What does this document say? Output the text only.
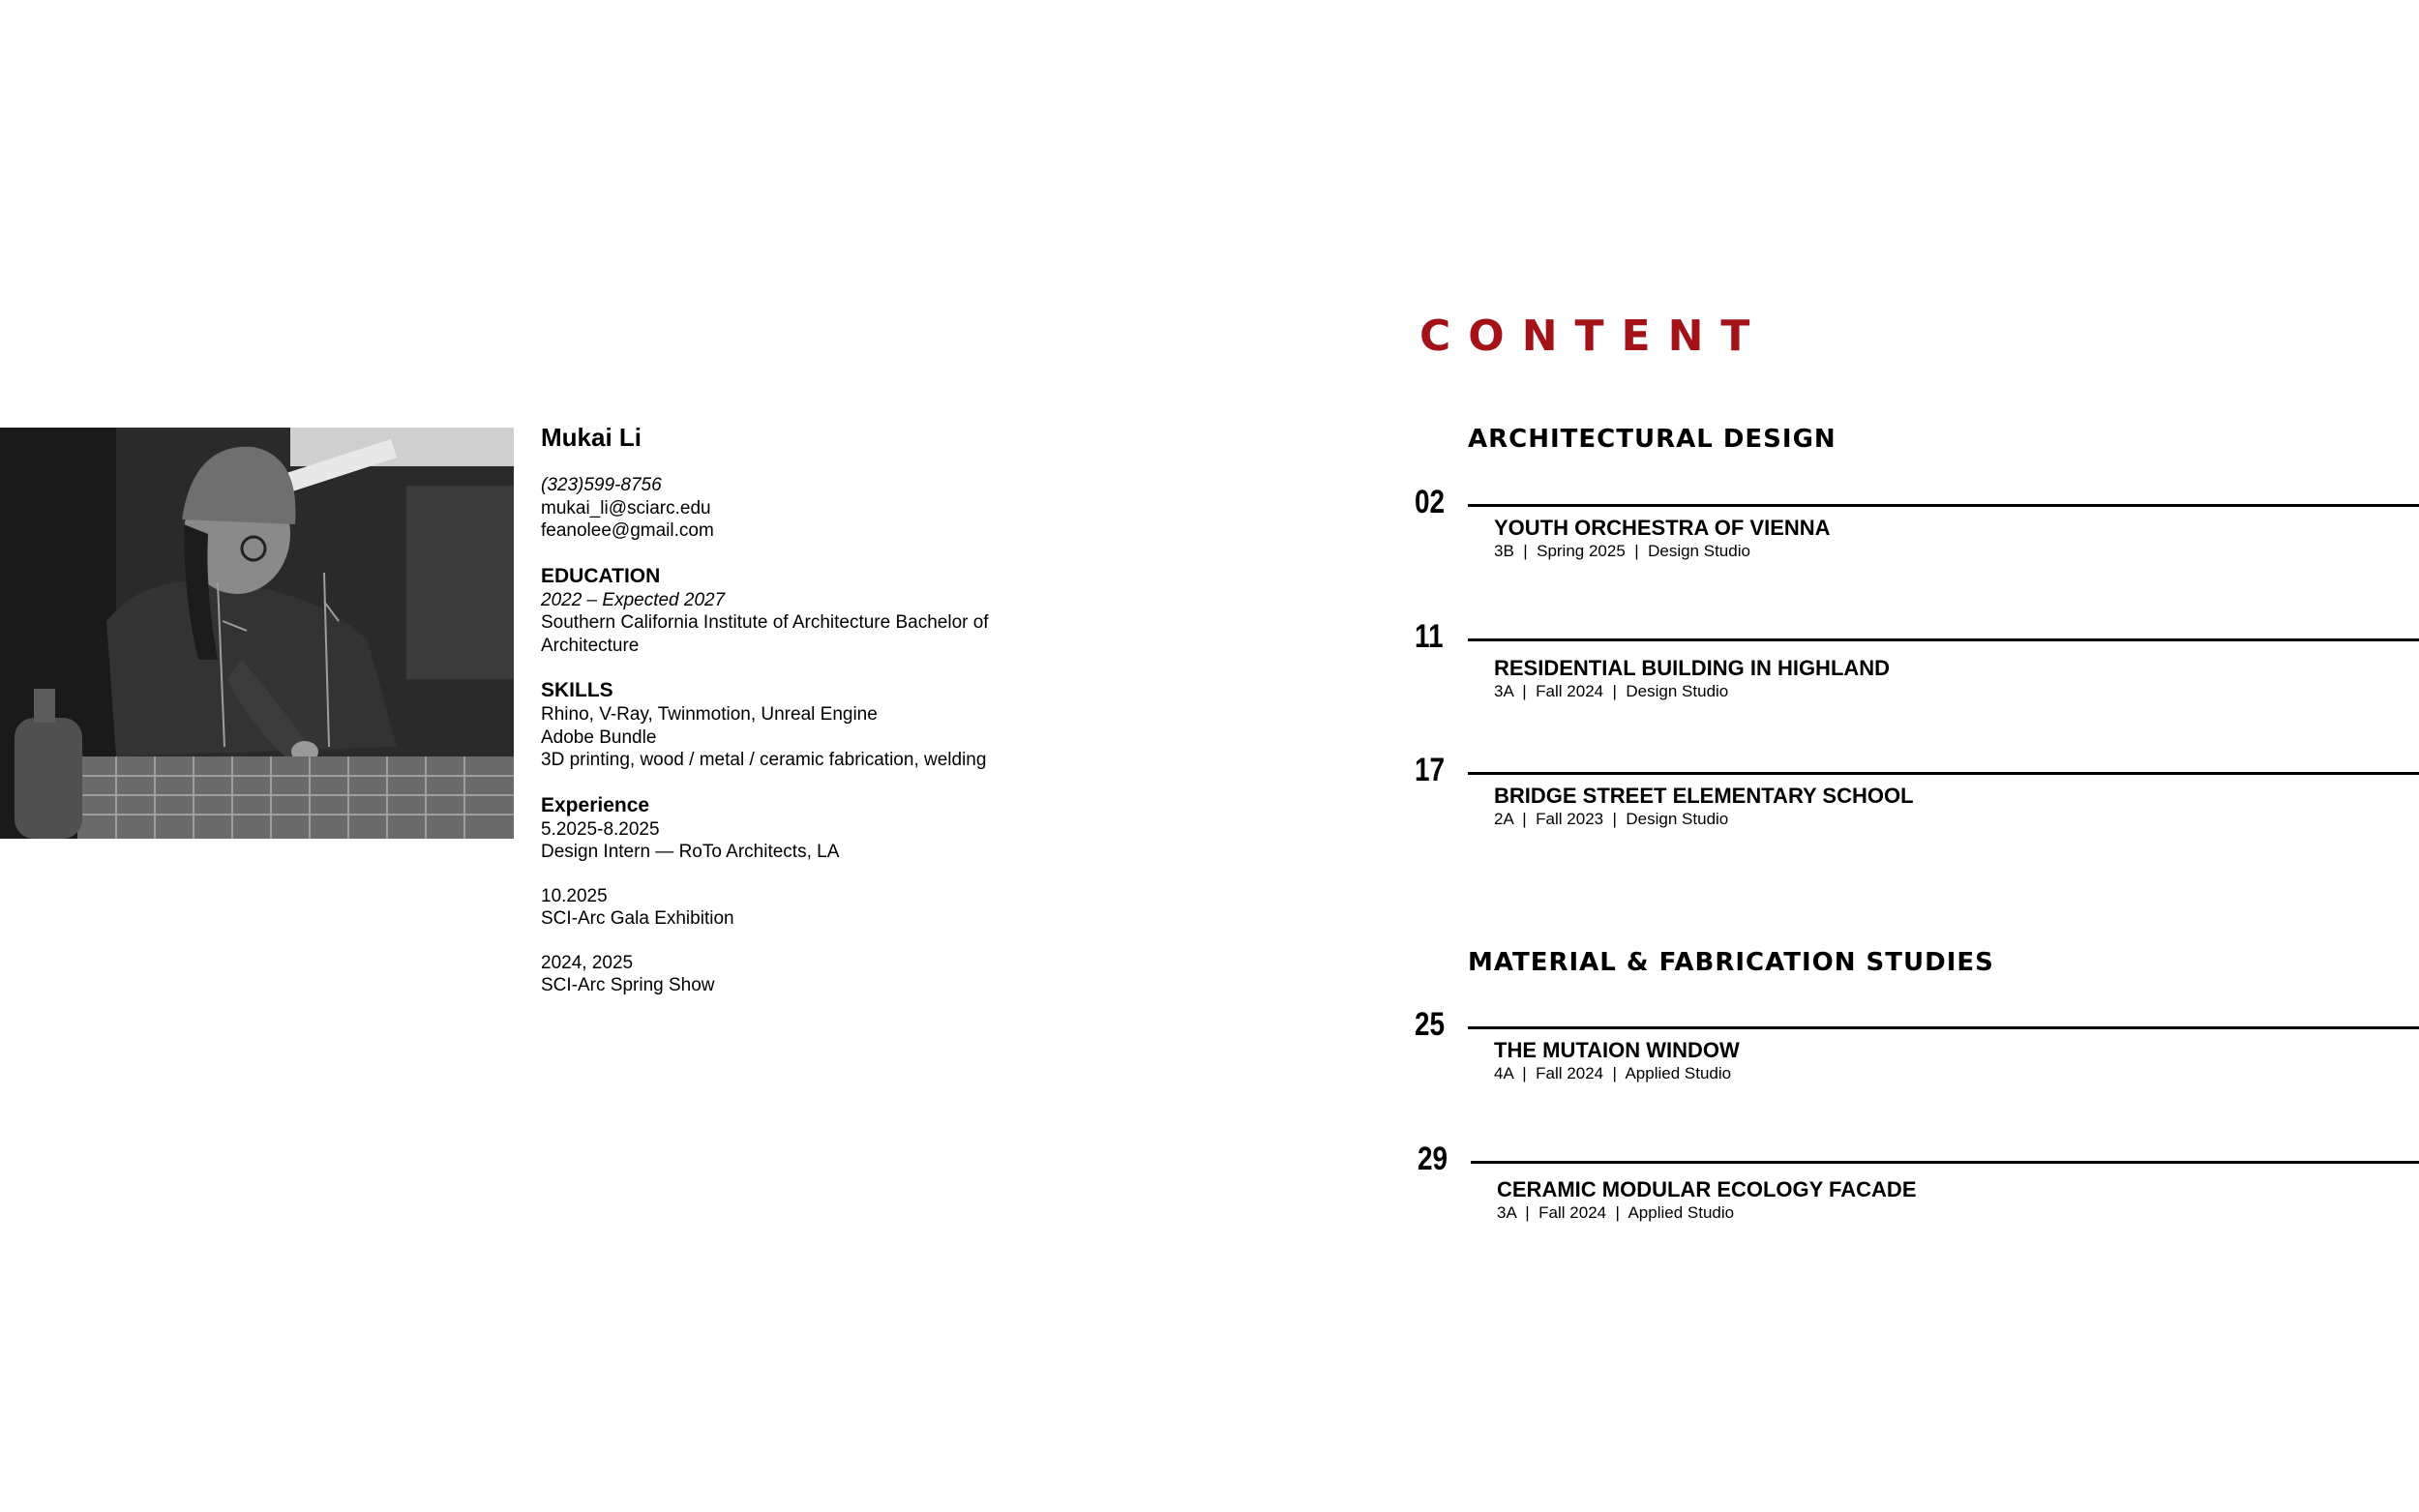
Mukai Li
(323)599-8756
mukai_li@sciarc.edu
feanolee@gmail.com
EDUCATION
2022 – Expected 2027
Southern California Institute of Architecture Bachelor of Architecture
SKILLS
Rhino, V-Ray, Twinmotion, Unreal Engine
Adobe Bundle
3D printing, wood / metal / ceramic fabrication, welding
Experience
5.2025-8.2025
Design Intern — RoTo Architects, LA
10.2025
SCI-Arc Gala Exhibition
2024, 2025
SCI-Arc Spring Show
CONTENT
ARCHITECTURAL DESIGN
02
YOUTH ORCHESTRA OF VIENNA
3B  |  Spring 2025  |  Design Studio
11
RESIDENTIAL BUILDING IN HIGHLAND
3A  |  Fall 2024  |  Design Studio
17
BRIDGE STREET ELEMENTARY SCHOOL
2A  |  Fall 2023  |  Design Studio
MATERIAL & FABRICATION STUDIES
25
THE MUTAION WINDOW
4A  |  Fall 2024  |  Applied Studio
29
CERAMIC MODULAR ECOLOGY FACADE
3A  |  Fall 2024  |  Applied Studio
